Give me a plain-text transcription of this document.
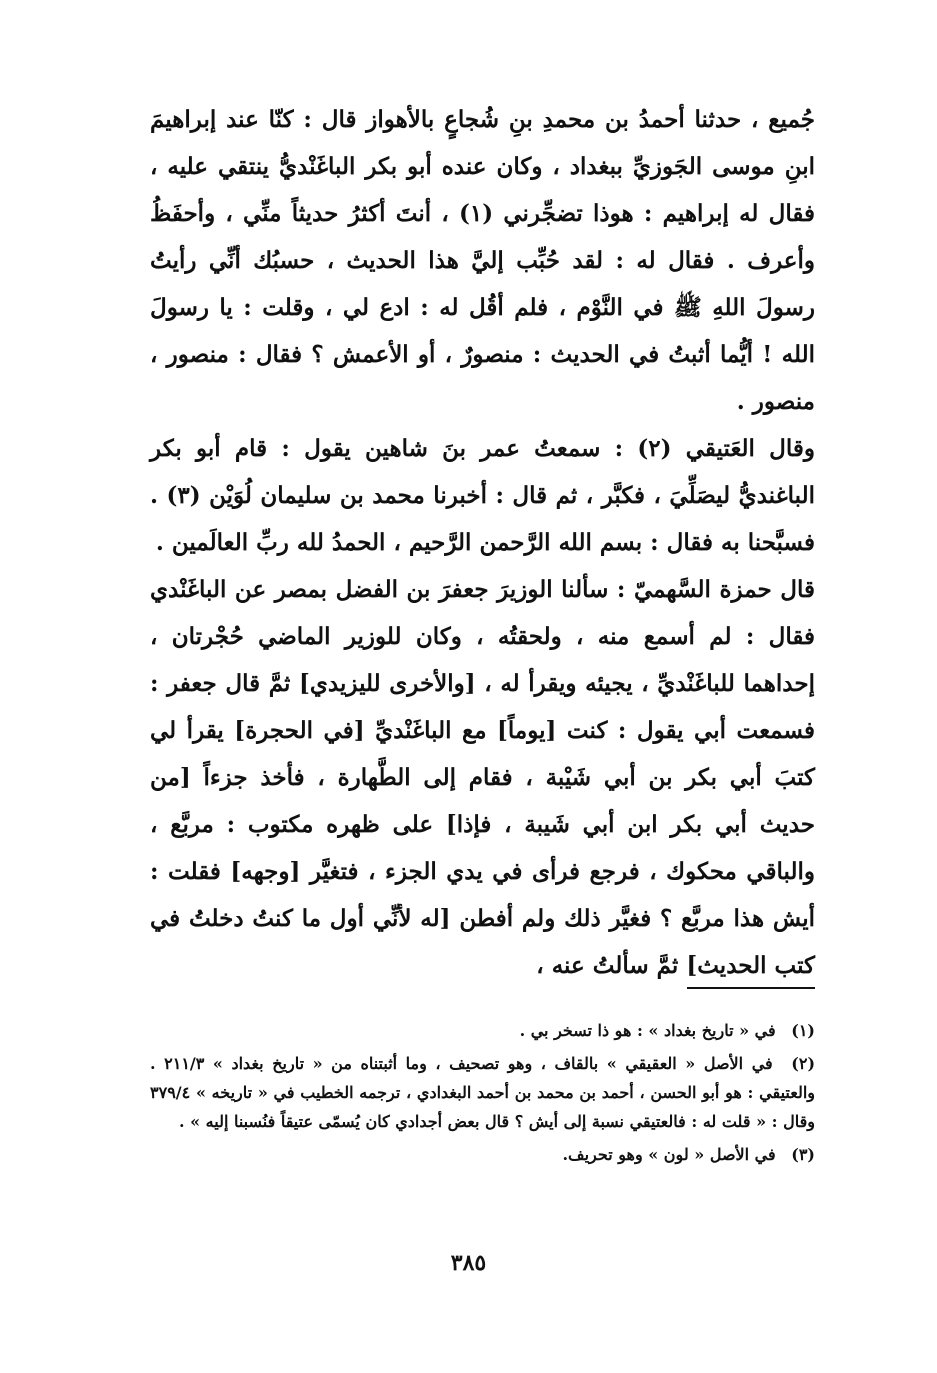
جُميع ، حدثنا أحمدُ بن محمدِ بنِ شُجاعٍ بالأهواز قال : كنّا عند إبراهيمَ ابنِ موسى الجَوزيِّ ببغداد ، وكان عنده أبو بكر الباغَنْديُّ ينتقي عليه ، فقال له إبراهيم : هوذا تضجِّرني (١) ، أنتَ أكثرُ حديثاً منِّي ، وأحفَظُ وأعرف . فقال له : لقد حُبِّب إليَّ هذا الحديث ، حسبُك أنِّي رأيتُ رسولَ اللهِ ﷺ في النَّوْم ، فلم أقُل له : ادع لي ، وقلت : يا رسولَ الله ! أيُّما أثبتُ في الحديث : منصورٌ ، أو الأعمش ؟ فقال : منصور ، منصور .

وقال العَتيقي (٢) : سمعتُ عمر بنَ شاهين يقول : قام أبو بكر الباغنديُّ ليصَلِّيَ ، فكبَّر ، ثم قال : أخبرنا محمد بن سليمان لُوَيْن (٣) . فسبَّحنا به فقال : بسم الله الرَّحمن الرَّحيم ، الحمدُ لله ربِّ العالَمين .

قال حمزة السَّهميّ : سألنا الوزيرَ جعفرَ بن الفضل بمصر عن الباغَنْدي فقال : لم أسمع منه ، ولحقتُه ، وكان للوزير الماضي حُجْرتان ، إحداهما للباغَنْديِّ ، يجيئه ويقرأ له ، [والأخرى لليزيدي] ثمَّ قال جعفر : فسمعت أبي يقول : كنت [يوماً] مع الباغَنْديِّ [في الحجرة] يقرأ لي كتبَ أبي بكر بن أبي شَيْبة ، فقام إلى الطَّهارة ، فأخذ جزءاً [من حديث أبي بكر ابن أبي شَيبة ، فإذا] على ظهره مكتوب : مربَّع ، والباقي محكوك ، فرجع فرأى في يدي الجزء ، فتغيَّر [وجهه] فقلت : أيش هذا مربَّع ؟ فغيَّر ذلك ولم أفطن [له لأنِّي أول ما كنتُ دخلتُ في كتب الحديث] ثمَّ سألتُ عنه ،

(١) في « تاريخ بغداد » : هو ذا تسخر بي .

(٢) في الأصل « العقيقي » بالقاف ، وهو تصحيف ، وما أثبتناه من « تاريخ بغداد » ٢١١/٣ . والعتيقي : هو أبو الحسن ، أحمد بن محمد بن أحمد البغدادي ، ترجمه الخطيب في « تاريخه » ٣٧٩/٤ وقال : « قلت له : فالعتيقي نسبة إلى أيش ؟ قال بعض أجدادي كان يُسمّى عتيقاً فنُسبنا إليه » .

(٣) في الأصل « لون » وهو تحريف.

٣٨٥
